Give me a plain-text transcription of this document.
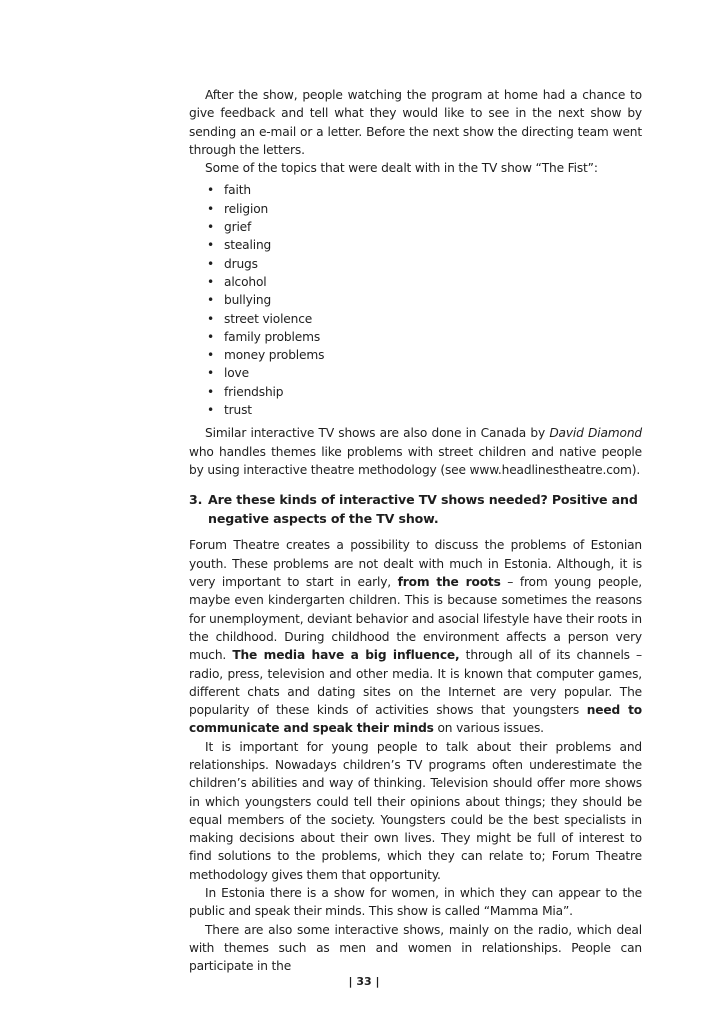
After the show, people watching the program at home had a chance to give feedback and tell what they would like to see in the next show by sending an e-mail or a letter. Before the next show the directing team went through the letters.

Some of the topics that were dealt with in the TV show “The Fist”:

• faith
• religion
• grief
• stealing
• drugs
• alcohol
• bullying
• street violence
• family problems
• money problems
• love
• friendship
• trust

Similar interactive TV shows are also done in Canada by David Diamond who handles themes like problems with street children and native people by using interactive theatre methodology (see www.headlinestheatre.com).

3. Are these kinds of interactive TV shows needed? Positive and negative aspects of the TV show.

Forum Theatre creates a possibility to discuss the problems of Estonian youth. These problems are not dealt with much in Estonia. Although, it is very important to start in early, from the roots – from young people, maybe even kindergarten children. This is because sometimes the reasons for unemployment, deviant behavior and asocial lifestyle have their roots in the childhood. During childhood the environment affects a person very much. The media have a big influence, through all of its channels – radio, press, television and other media. It is known that computer games, different chats and dating sites on the Internet are very popular. The popularity of these kinds of activities shows that youngsters need to communicate and speak their minds on various issues.

It is important for young people to talk about their problems and relationships. Nowadays children’s TV programs often underestimate the children’s abilities and way of thinking. Television should offer more shows in which youngsters could tell their opinions about things; they should be equal members of the society. Youngsters could be the best specialists in making decisions about their own lives. They might be full of interest to find solutions to the problems, which they can relate to; Forum Theatre methodology gives them that opportunity.

In Estonia there is a show for women, in which they can appear to the public and speak their minds. This show is called “Mamma Mia”.

There are also some interactive shows, mainly on the radio, which deal with themes such as men and women in relationships. People can participate in the

| 33 |
